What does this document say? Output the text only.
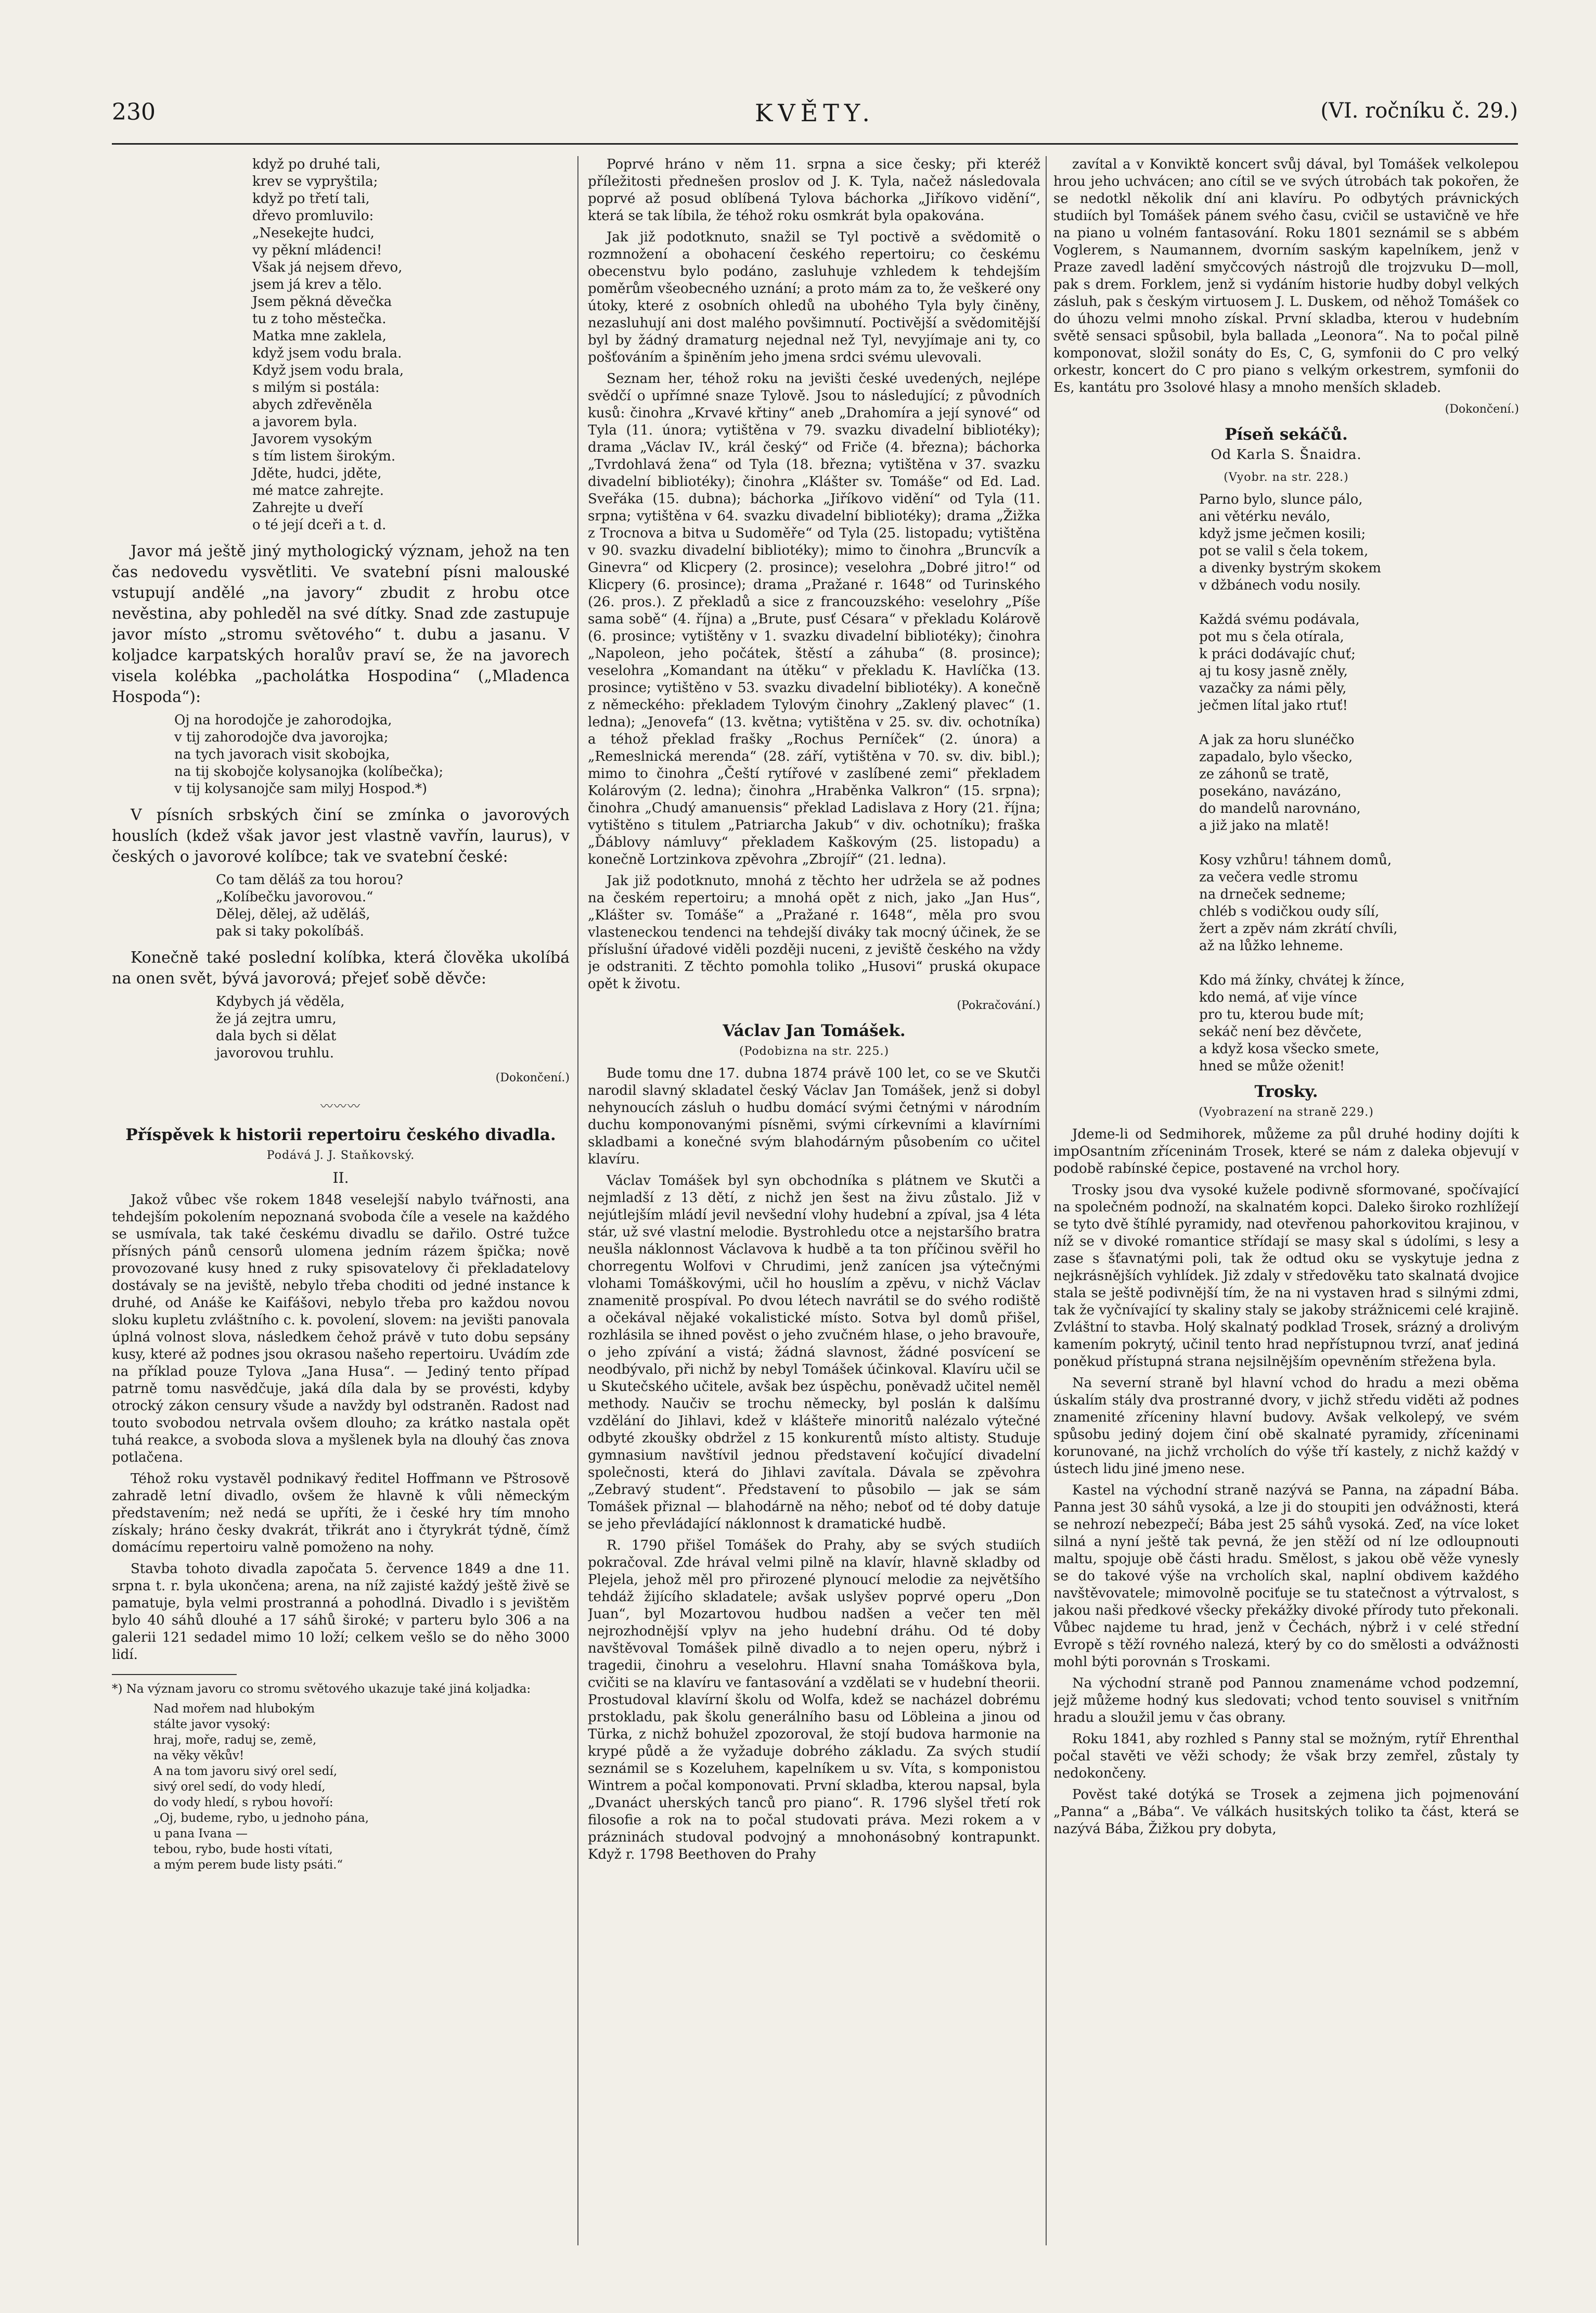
230	KVĚTY.	(VI. ročníku č. 29.)
když po druhé tali,
krev se vypryštila;
když po třetí tali,
dřevo promluvilo:
„Nesekejte hudci,
vy pěkní mládenci!
Však já nejsem dřevo,
jsem já krev a tělo.
Jsem pěkná děvečka
tu z toho městečka.
Matka mne zaklela,
když jsem vodu brala.
Když jsem vodu brala,
s milým si postála:
abych zdřevěněla
a javorem byla.
Javorem vysokým
s tím listem širokým.
Jděte, hudci, jděte,
mé matce zahrejte.
Zahrejte u dveří
o té její dceři a t. d.

Javor má ještě jiný mythologický význam, jehož na ten čas nedovedu vysvětliti. Ve svatební písni malouské vstupují andělé „na javory“ zbudit z hrobu otce nevěstina, aby pohleděl na své dítky. Snad zde zastupuje javor místo „stromu světového“ t. dubu a jasanu. V koljadce karpatských horalův praví se, že na javorech visela kolébka „pacholátka Hospodina“ („Mladenca Hospoda“):

Oj na horodojče je zahorodojka,
v tij zahorodojče dva javorojka;
na tych javorach visit skobojka,
na tij skobojče kolysanojka (kolíbečka);
v tij kolysanojče sam milyj Hospod.*)

V písních srbských činí se zmínka o javorových houslích (kdež však javor jest vlastně vavřín, laurus), v českých o javorové kolíbce; tak ve svatební české:

Co tam děláš za tou horou?
„Kolíbečku javorovou.“
Dělej, dělej, až uděláš,
pak si taky pokolíbáš.

Konečně také poslední kolíbka, která člověka ukolíbá na onen svět, bývá javorová; přejeť sobě děvče:

Kdybych já věděla,
že já zejtra umru,
dala bych si dělat
javorovou truhlu.
(Dokončení.)
〰〰〰
Příspěvek k historii repertoiru českého divadla.
Podává J. J. Staňkovský.
II.

Jakož vůbec vše rokem 1848 veselejší nabylo tvářnosti, ana tehdejším pokolením nepoznaná svoboda číle a vesele na každého se usmívala, tak také českému divadlu se dařilo. Ostré tužce přísných pánů censorů ulomena jedním rázem špička; nově provozované kusy hned z ruky spisovatelovy či překladatelovy dostávaly se na jeviště, nebylo třeba choditi od jedné instance k druhé, od Anáše ke Kaifášovi, nebylo třeba pro každou novou sloku kupletu zvláštního c. k. povolení, slovem: na jevišti panovala úplná volnost slova, následkem čehož právě v tuto dobu sepsány kusy, které až podnes jsou okrasou našeho repertoiru. Uvádím zde na příklad pouze Tylova „Jana Husa“. — Jediný tento případ patrně tomu nasvědčuje, jaká díla dala by se provésti, kdyby otrocký zákon censury všude a navždy byl odstraněn. Radost nad touto svobodou netrvala ovšem dlouho; za krátko nastala opět tuhá reakce, a svoboda slova a myšlenek byla na dlouhý čas znova potlačena.

Téhož roku vystavěl podnikavý ředitel Hoffmann ve Pštrosově zahradě letní divadlo, ovšem že hlavně k vůli německým představením; než nedá se upříti, že i české hry tím mnoho získaly; hráno česky dvakrát, třikrát ano i čtyrykrát týdně, čímž domácímu repertoiru valně pomoženo na nohy.

Stavba tohoto divadla započata 5. července 1849 a dne 11. srpna t. r. byla ukončena; arena, na níž zajisté každý ještě živě se pamatuje, byla velmi prostranná a pohodlná. Divadlo i s jevištěm bylo 40 sáhů dlouhé a 17 sáhů široké; v parteru bylo 306 a na galerii 121 sedadel mimo 10 loží; celkem vešlo se do něho 3000 lidí.

*) Na význam javoru co stromu světového ukazuje také jiná koljadka:

Nad mořem nad hlubokým
stálte javor vysoký:
hraj, moře, raduj se, země,
na věky věkův!
A na tom javoru sivý orel sedí,
sivý orel sedí, do vody hledí,
do vody hledí, s rybou hovoří:
„Oj, budeme, rybo, u jednoho pána,
u pana Ivana —
tebou, rybo, bude hosti vítati,
a mým perem bude listy psáti.“

Poprvé hráno v něm 11. srpna a sice česky; při kteréž příležitosti přednešen proslov od J. K. Tyla, načež následovala poprvé až posud oblíbená Tylova báchorka „Jiříkovo vidění“, která se tak líbila, že téhož roku osmkrát byla opakována.

Jak již podotknuto, snažil se Tyl poctivě a svědomitě o rozmnožení a obohacení českého repertoiru; co českému obecenstvu bylo podáno, zasluhuje vzhledem k tehdejším poměrům všeobecného uznání; a proto mám za to, že veškeré ony útoky, které z osobních ohledů na ubohého Tyla byly činěny, nezasluhují ani dost malého povšimnutí. Poctivější a svědomitější byl by žádný dramaturg nejednal než Tyl, nevyjímaje ani ty, co pošťováním a špiněním jeho jmena srdci svému ulevovali.

Seznam her, téhož roku na jevišti české uvedených, nejlépe svědčí o upřímné snaze Tylově. Jsou to následující; z původních kusů: činohra „Krvavé křtiny“ aneb „Drahomíra a její synové“ od Tyla (11. února; vytištěna v 79. svazku divadelní bibliotéky); drama „Václav IV., král český“ od Friče (4. března); báchorka „Tvrdohlavá žena“ od Tyla (18. března; vytištěna v 37. svazku divadelní bibliotéky); činohra „Klášter sv. Tomáše“ od Ed. Lad. Sveřáka (15. dubna); báchorka „Jiříkovo vidění“ od Tyla (11. srpna; vytištěna v 64. svazku divadelní bibliotéky); drama „Žižka z Trocnova a bitva u Sudoměře“ od Tyla (25. listopadu; vytištěna v 90. svazku divadelní bibliotéky); mimo to činohra „Bruncvík a Ginevra“ od Klicpery (2. prosince); veselohra „Dobré jitro!“ od Klicpery (6. prosince); drama „Pražané r. 1648“ od Turinského (26. pros.). Z překladů a sice z francouzského: veselohry „Píše sama sobě“ (4. října) a „Brute, pusť Césara“ v překladu Kolárově (6. prosince; vytištěny v 1. svazku divadelní bibliotéky); činohra „Napoleon, jeho počátek, štěstí a záhuba“ (8. prosince); veselohra „Komandant na útěku“ v překladu K. Havlíčka (13. prosince; vytištěno v 53. svazku divadelní bibliotéky). A konečně z německého: překladem Tylovým činohry „Zaklený plavec“ (1. ledna); „Jenovefa“ (13. května; vytištěna v 25. sv. div. ochotníka) a téhož překlad frašky „Rochus Perníček“ (2. února) a „Remeslnická merenda“ (28. září, vytištěna v 70. sv. div. bibl.); mimo to činohra „Čeští rytířové v zaslíbené zemi“ překladem Kolárovým (2. ledna); činohra „Hraběnka Valkron“ (15. srpna); činohra „Chudý amanuensis“ překlad Ladislava z Hory (21. října; vytištěno s titulem „Patriarcha Jakub“ v div. ochotníku); fraška „Ďáblovy námluvy“ překladem Kaškovým (25. listopadu) a konečně Lortzinkova zpěvohra „Zbrojíř“ (21. ledna).

Jak již podotknuto, mnohá z těchto her udržela se až podnes na českém repertoiru; a mnohá opět z nich, jako „Jan Hus“, „Klášter sv. Tomáše“ a „Pražané r. 1648“, měla pro svou vlasteneckou tendenci na tehdejší diváky tak mocný účinek, že se příslušní úřadové viděli později nuceni, z jeviště českého na vždy je odstraniti. Z těchto pomohla toliko „Husovi“ pruská okupace opět k životu.

(Pokračování.)
Václav Jan Tomášek.
(Podobizna na str. 225.)

Bude tomu dne 17. dubna 1874 právě 100 let, co se ve Skutči narodil slavný skladatel český Václav Jan Tomášek, jenž si dobyl nehynoucích zásluh o hudbu domácí svými četnými v národním duchu komponovanými písněmi, svými církevními a klavírními skladbami a konečné svým blahodárným působením co učitel klavíru.

Václav Tomášek byl syn obchodníka s plátnem ve Skutči a nejmladší z 13 dětí, z nichž jen šest na živu zůstalo. Již v nejútlejším mládí jevil nevšední vlohy hudební a zpíval, jsa 4 léta stár, už své vlastní melodie. Bystrohledu otce a nejstaršího bratra neušla náklonnost Václavova k hudbě a ta ton příčinou svěřil ho chorregentu Wolfovi v Chrudimi, jenž zanícen jsa výtečnými vlohami Tomáškovými, učil ho houslím a zpěvu, v nichž Václav znamenitě prospíval. Po dvou létech navrátil se do svého rodiště a očekával nějaké vokalistické místo. Sotva byl domů přišel, rozhlásila se ihned pověst o jeho zvučném hlase, o jeho bravouře, o jeho zpívání a vistá; žádná slavnost, žádné posvícení se neodbývalo, při nichž by nebyl Tomášek účinkoval. Klavíru učil se u Skutečského učitele, avšak bez úspěchu, poněvadž učitel neměl methody. Naučiv se trochu německy, byl poslán k dalšímu vzdělání do Jihlavi, kdež v klášteře minoritů nalézalo výtečné odbyté zkoušky obdržel z 15 konkurentů místo altisty. Studuje gymnasium navštívil jednou představení kočující divadelní společnosti, která do Jihlavi zavítala. Dávala se zpěvohra „Zebravý student“. Představení to působilo — jak se sám Tomášek přiznal — blahodárně na něho; neboť od té doby datuje se jeho převládající náklonnost k dramatické hudbě.

R. 1790 přišel Tomášek do Prahy, aby se svých studiích pokračoval. Zde hrával velmi pilně na klavír, hlavně skladby od Plejela, jehož měl pro přirozené plynoucí melodie za největšího tehdáž žijícího skladatele; avšak uslyšev poprvé operu „Don Juan“, byl Mozartovou hudbou nadšen a večer ten měl nejrozhodnější vplyv na jeho hudební dráhu. Od té doby navštěvoval Tomášek pilně divadlo a to nejen operu, nýbrž i tragedii, činohru a veselohru. Hlavní snaha Tomáškova byla, cvičiti se na klavíru ve fantasování a vzdělati se v hudební theorii. Prostudoval klavírní školu od Wolfa, kdež se nacházel dobrému prstokladu, pak školu generálního basu od Löbleina a jinou od Türka, z nichž bohužel zpozoroval, že stojí budova harmonie na krypé půdě a že vyžaduje dobrého základu. Za svých studií seznámil se s Kozeluhem, kapelníkem u sv. Víta, s komponistou Wintrem a počal komponovati. První skladba, kterou napsal, byla „Dvanáct uherských tanců pro piano“. R. 1796 slyšel třetí rok filosofie a rok na to počal studovati práva. Mezi rokem a v prázninách studoval podvojný a mnohonásobný kontrapunkt. Když r. 1798 Beethoven do Prahy

zavítal a v Konviktě koncert svůj dával, byl Tomášek velkolepou hrou jeho uchvácen; ano cítil se ve svých útrobách tak pokořen, že se nedotkl několik dní ani klavíru. Po odbytých právnických studiích byl Tomášek pánem svého času, cvičil se ustavičně ve hře na piano u volném fantasování. Roku 1801 seznámil se s abbém Voglerem, s Naumannem, dvorním saským kapelníkem, jenž v Praze zavedl ladění smyčcových nástrojů dle trojzvuku D—moll, pak s drem. Forklem, jenž si vydáním historie hudby dobyl velkých zásluh, pak s českým virtuosem J. L. Duskem, od něhož Tomášek co do úhozu velmi mnoho získal. První skladba, kterou v hudebním světě sensaci spůsobil, byla ballada „Leonora“. Na to počal pilně komponovat, složil sonáty do Es, C, G, symfonii do C pro velký orkestr, koncert do C pro piano s velkým orkestrem, symfonii do Es, kantátu pro 3solové hlasy a mnoho menších skladeb.

(Dokončení.)
Píseň sekáčů.
Od Karla S. Šnaidra.
(Vyobr. na str. 228.)
Parno bylo, slunce pálo,
ani větérku neválo,
když jsme ječmen kosili;
pot se valil s čela tokem,
a divenky bystrým skokem
v džbánech vodu nosily.

Každá svému podávala,
pot mu s čela otírala,
k práci dodávajíc chuť;
aj tu kosy jasně zněly,
vazačky za námi pěly,
ječmen lítal jako rtuť!

A jak za horu slunéčko
zapadalo, bylo všecko,
ze záhonů se tratě,
posekáno, navázáno,
do mandelů narovnáno,
a již jako na mlatě!

Kosy vzhůru! táhnem domů,
za večera vedle stromu
na drneček sedneme;
chléb s vodičkou oudy sílí,
žert a zpěv nám zkrátí chvíli,
až na lůžko lehneme.

Kdo má žínky, chvátej k žínce,
kdo nemá, ať vije vínce
pro tu, kterou bude mít;
sekáč není bez děvčete,
a když kosa všecko smete,
hned se může oženit!
Trosky.
(Vyobrazení na straně 229.)

Jdeme-li od Sedmihorek, můžeme za půl druhé hodiny dojíti k impOsantním zříceninám Trosek, které se nám z daleka objevují v podobě rabínské čepice, postavené na vrchol hory.

Trosky jsou dva vysoké kužele podivně sformované, spočívající na společném podnoží, na skalnatém kopci. Daleko široko rozhlížejí se tyto dvě štíhlé pyramidy, nad otevřenou pahorkovitou krajinou, v níž se v divoké romantice střídají se masy skal s údolími, s lesy a zase s šťavnatými poli, tak že odtud oku se vyskytuje jedna z nejkrásnějších vyhlídek. Již zdaly v středověku tato skalnatá dvojice stala se ještě podivnější tím, že na ni vystaven hrad s silnými zdmi, tak že vyčnívající ty skaliny staly se jakoby strážnicemi celé krajině. Zvláštní to stavba. Holý skalnatý podklad Trosek, srázný a drolivým kamením pokrytý, učinil tento hrad nepřístupnou tvrzí, anať jediná poněkud přístupná strana nejsilnějším opevněním střežena byla.

Na severní straně byl hlavní vchod do hradu a mezi oběma úskalím stály dva prostranné dvory, v jichž středu viděti až podnes znamenité zříceniny hlavní budovy. Avšak velkolepý, ve svém spůsobu jediný dojem činí obě skalnaté pyramidy, zříceninami korunované, na jichž vrcholích do výše tří kastely, z nichž každý v ústech lidu jiné jmeno nese.

Kastel na východní straně nazývá se Panna, na západní Bába. Panna jest 30 sáhů vysoká, a lze ji do stoupiti jen odvážnosti, která se nehrozí nebezpečí; Bába jest 25 sáhů vysoká. Zeď, na více loket silná a nyní ještě tak pevná, že jen stěží od ní lze odloupnouti maltu, spojuje obě části hradu. Smělost, s jakou obě věže vynesly se do takové výše na vrcholích skal, naplní obdivem každého navštěvovatele; mimovolně pociťuje se tu statečnost a výtrvalost, s jakou naši předkové všecky překážky divoké přírody tuto překonali. Vůbec najdeme tu hrad, jenž v Čechách, nýbrž i v celé střední Evropě s těží rovného nalezá, který by co do smělosti a odvážnosti mohl býti porovnán s Troskami.

Na východní straně pod Pannou znamenáme vchod podzemní, jejž můžeme hodný kus sledovati; vchod tento souvisel s vnitřním hradu a sloužil jemu v čas obrany.

Roku 1841, aby rozhled s Panny stal se možným, rytíř Ehrenthal počal stavěti ve věži schody; že však brzy zemřel, zůstaly ty nedokončeny.

Pověst také dotýká se Trosek a zejmena jich pojmenování „Panna“ a „Bába“. Ve válkách husitských toliko ta část, která se nazývá Bába, Žižkou pry dobyta,
